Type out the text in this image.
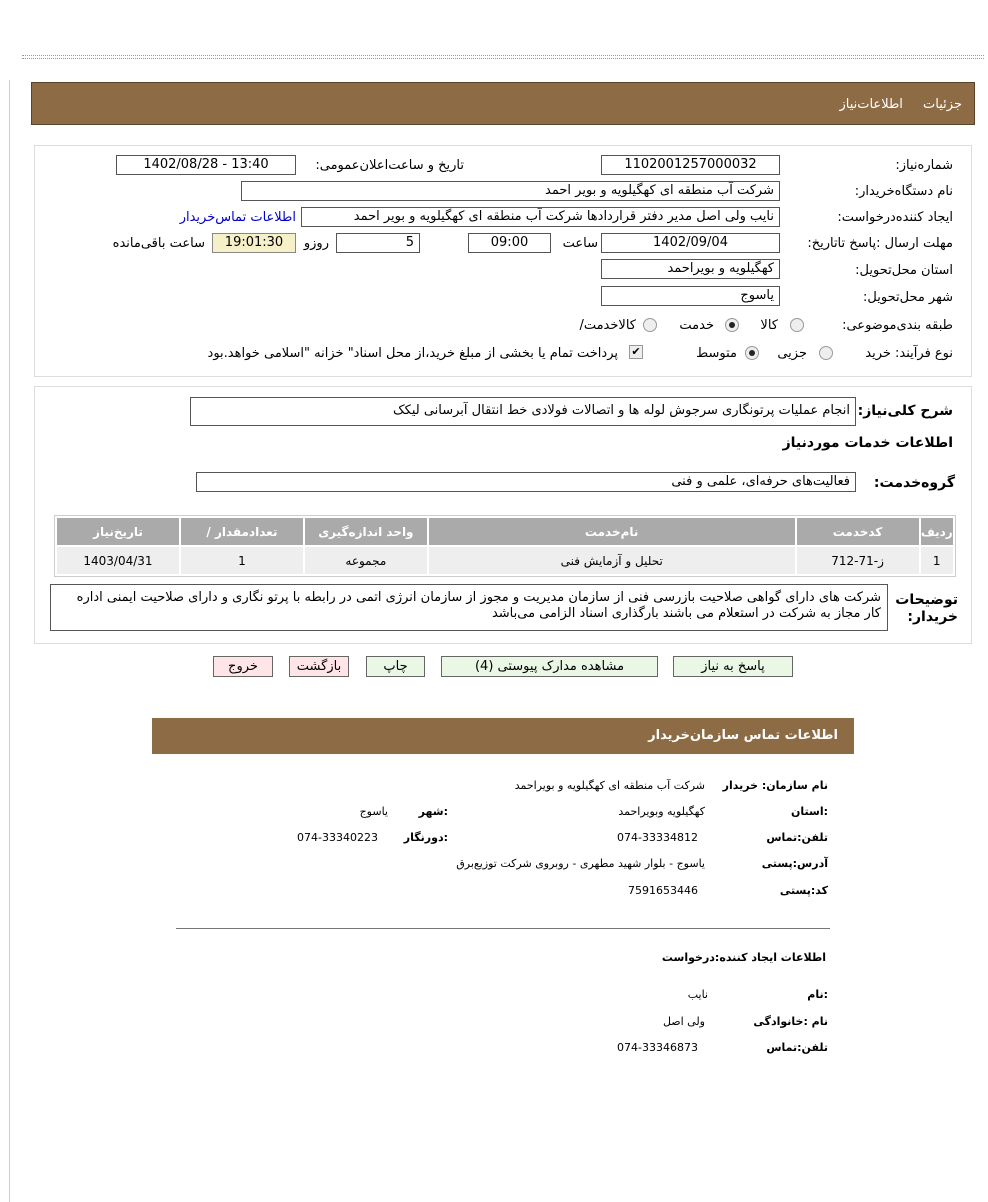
جزئیات اطلاعات‌نیاز
شماره‌نیاز:
1102001257000032
تاریخ و ساعت‌اعلان‌عمومی:
1402/08/28 - 13:40
نام دستگاه‌خریدار:
شرکت آب منطقه ای کهگیلویه و بویر احمد
ایجاد کننده‌درخواست:
نایب ولی اصل مدیر دفتر قراردادها شرکت آب منطقه ای کهگیلویه و بویر احمد
اطلاعات تماس‌خریدار
مهلت ارسال :پاسخ تا‌تاریخ:
1402/09/04
ساعت
09:00
5
روزو
19:01:30
ساعت باقی‌مانده
استان محل‌تحویل:
کهگیلویه و بویراحمد
شهر محل‌تحویل:
یاسوج
طبقه بندی‌موضوعی:
کالا
خدمت
کالا‌خدمت/
نوع فرآیند: خرید
جزیی
متوسط
✔
پرداخت تمام یا بخشی از مبلغ خرید،از محل اسناد" خزانه "اسلامی خواهد.بود
شرح کلی‌نیاز:
انجام عملیات پرتونگاری سرجوش لوله ها و اتصالات فولادی خط انتقال آبرسانی لیکک
اطلاعات خدمات موردنیاز
گروه‌خدمت:
فعالیت‌های حرفه‌ای، علمی و فنی
ردیف	کدخدمت	نام‌خدمت	واحد اندازه‌گیری	تعداد‌مقدار /	تاریخ‌نیاز
1	ز-71-712	تحلیل و آزمایش فنی	مجموعه	1	1403/04/31
توضیحات خریدار:
شرکت های دارای گواهی صلاحیت بازرسی فنی از سازمان مدیریت و مجوز از سازمان انرژی اتمی در رابطه با پرتو نگاری و دارای صلاحیت ایمنی اداره کار مجاز به شرکت در استعلام می باشند بارگذاری اسناد الزامی می‌باشد
پاسخ به نیاز
مشاهده مدارک پیوستی (4)
چاپ
بازگشت
خروج
اطلاعات تماس سازمان‌خریدار
نام سازمان: خریدار
شرکت آب منطقه ای کهگیلویه و بویراحمد
:استان
کهگیلویه وبویراحمد
:شهر
یاسوج
تلفن:تماس
074-33334812
:دورنگار
074-33340223
آدرس:پستی
یاسوج - بلوار شهید مطهری - روبروی شرکت توزیع‌برق
کد:پستی
7591653446
اطلاعات ایجاد کننده:درخواست
:نام
نایب
نام :خانوادگی
ولی اصل
تلفن:تماس
074-33346873
